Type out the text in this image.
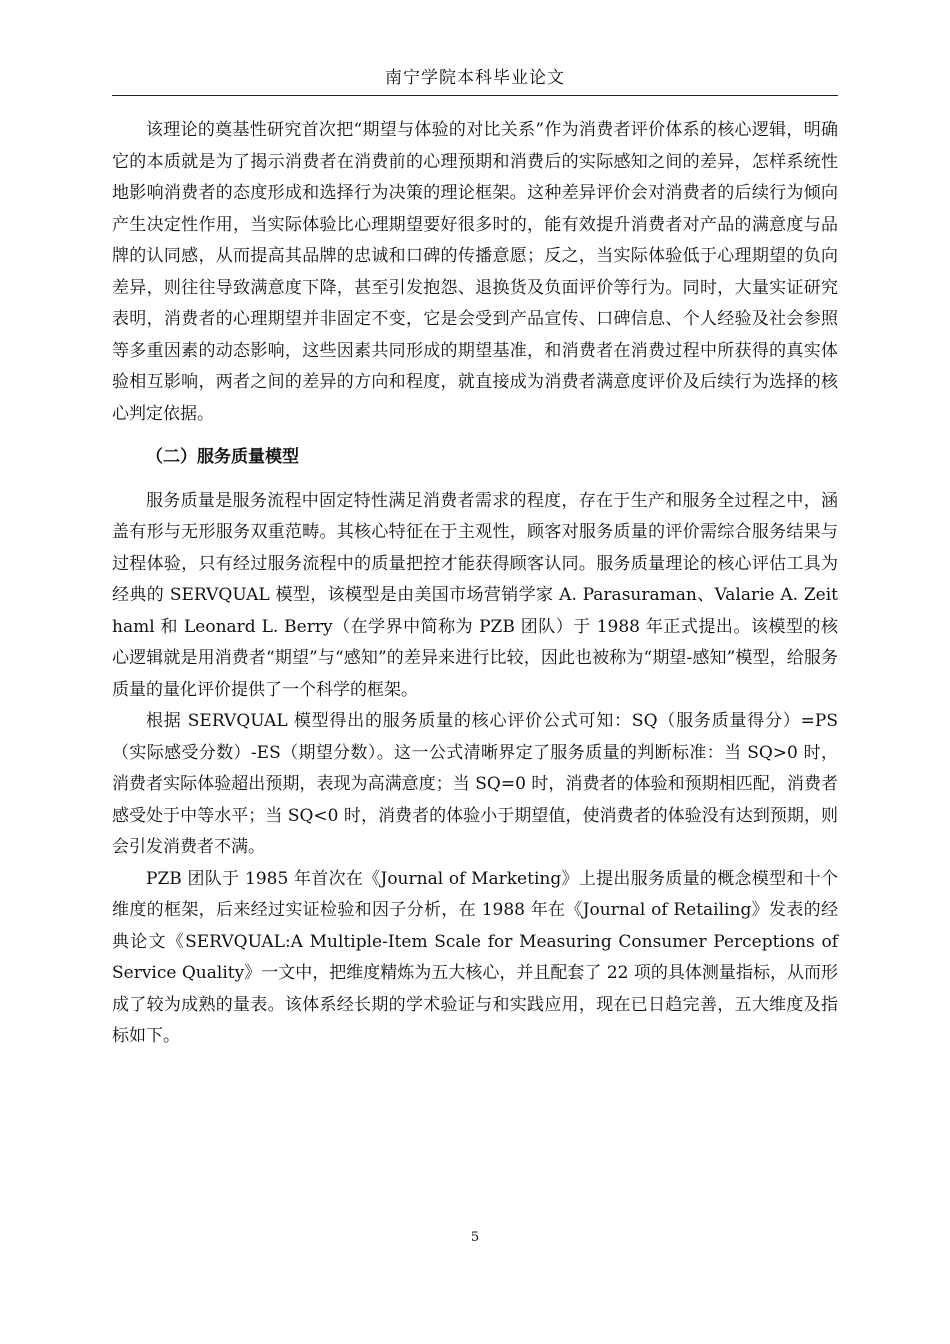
南宁学院本科毕业论文

该理论的奠基性研究首次把“期望与体验的对比关系”作为消费者评价体系的核心逻辑，明确它的本质就是为了揭示消费者在消费前的心理预期和消费后的实际感知之间的差异，怎样系统性地影响消费者的态度形成和选择行为决策的理论框架。这种差异评价会对消费者的后续行为倾向产生决定性作用，当实际体验比心理期望要好很多时的，能有效提升消费者对产品的满意度与品牌的认同感，从而提高其品牌的忠诚和口碑的传播意愿；反之，当实际体验低于心理期望的负向差异，则往往导致满意度下降，甚至引发抱怨、退换货及负面评价等行为。同时，大量实证研究表明，消费者的心理期望并非固定不变，它是会受到产品宣传、口碑信息、个人经验及社会参照等多重因素的动态影响，这些因素共同形成的期望基准，和消费者在消费过程中所获得的真实体验相互影响，两者之间的差异的方向和程度，就直接成为消费者满意度评价及后续行为选择的核心判定依据。

（二）服务质量模型

服务质量是服务流程中固定特性满足消费者需求的程度，存在于生产和服务全过程之中，涵盖有形与无形服务双重范畴。其核心特征在于主观性，顾客对服务质量的评价需综合服务结果与过程体验，只有经过服务流程中的质量把控才能获得顾客认同。服务质量理论的核心评估工具为经典的 SERVQUAL 模型，该模型是由美国市场营销学家 A. Parasuraman、Valarie A. Zeithaml 和 Leonard L. Berry（在学界中简称为 PZB 团队）于 1988 年正式提出。该模型的核心逻辑就是用消费者“期望”与“感知”的差异来进行比较，因此也被称为“期望-感知”模型，给服务质量的量化评价提供了一个科学的框架。

根据 SERVQUAL 模型得出的服务质量的核心评价公式可知：SQ（服务质量得分）=PS（实际感受分数）-ES（期望分数）。这一公式清晰界定了服务质量的判断标准：当 SQ>0 时，消费者实际体验超出预期，表现为高满意度；当 SQ=0 时，消费者的体验和预期相匹配，消费者感受处于中等水平；当 SQ<0 时，消费者的体验小于期望值，使消费者的体验没有达到预期，则会引发消费者不满。

PZB 团队于 1985 年首次在《Journal of Marketing》上提出服务质量的概念模型和十个维度的框架，后来经过实证检验和因子分析，在 1988 年在《Journal of Retailing》发表的经典论文《SERVQUAL:A Multiple-Item Scale for Measuring Consumer Perceptions of Service Quality》一文中，把维度精炼为五大核心，并且配套了 22 项的具体测量指标，从而形成了较为成熟的量表。该体系经长期的学术验证与和实践应用，现在已日趋完善，五大维度及指标如下。

5
